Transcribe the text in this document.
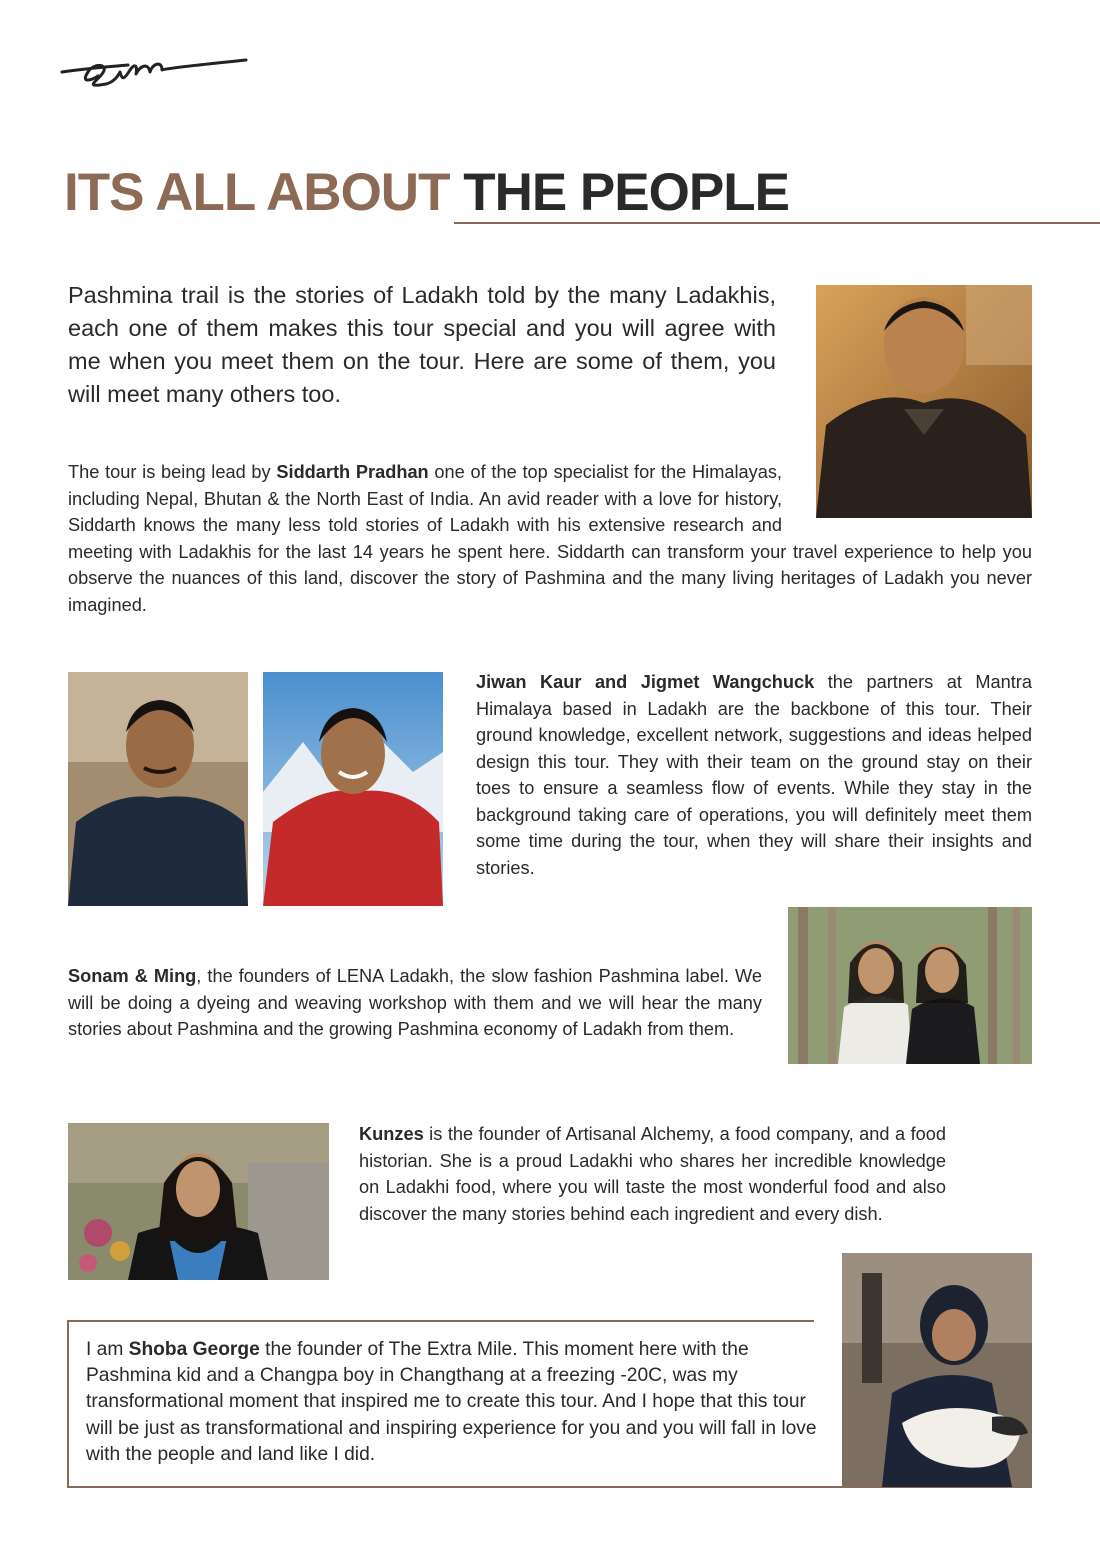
ITS ALL ABOUT THE PEOPLE

Pashmina trail is the stories of Ladakh told by the many Ladakhis, each one of them makes this tour special and you will agree with me when you meet them on the tour. Here are some of them, you will meet many others too.

The tour is being lead by Siddarth Pradhan one of the top specialist for the Himalayas, including Nepal, Bhutan & the North East of India. An avid reader with a love for history, Siddarth knows the many less told stories of Ladakh with his extensive research and meeting with Ladakhis for the last 14 years he spent here. Siddarth can transform your travel experience to help you observe the nuances of this land, discover the story of Pashmina and the many living heritages of Ladakh you never imagined.

Jiwan Kaur and Jigmet Wangchuck the partners at Mantra Himalaya based in Ladakh are the backbone of this tour. Their ground knowledge, excellent network, suggestions and ideas helped design this tour. They with their team on the ground stay on their toes to ensure a seamless flow of events. While they stay in the background taking care of operations, you will definitely meet them some time during the tour, when they will share their insights and stories.

Sonam & Ming, the founders of LENA Ladakh, the slow fashion Pashmina label. We will be doing a dyeing and weaving workshop with them and we will hear the many stories about Pashmina and the growing Pashmina economy of Ladakh from them.

Kunzes is the founder of Artisanal Alchemy, a food company, and a food historian. She is a proud Ladakhi who shares her incredible knowledge on Ladakhi food, where you will taste the most wonderful food and also discover the many stories behind each ingredient and every dish.

I am Shoba George the founder of The Extra Mile. This moment here with the Pashmina kid and a Changpa boy in Changthang at a freezing -20C, was my transformational moment that inspired me to create this tour. And I hope that this tour will be just as transformational and inspiring experience for you and you will fall in love with the people and land like I did.
